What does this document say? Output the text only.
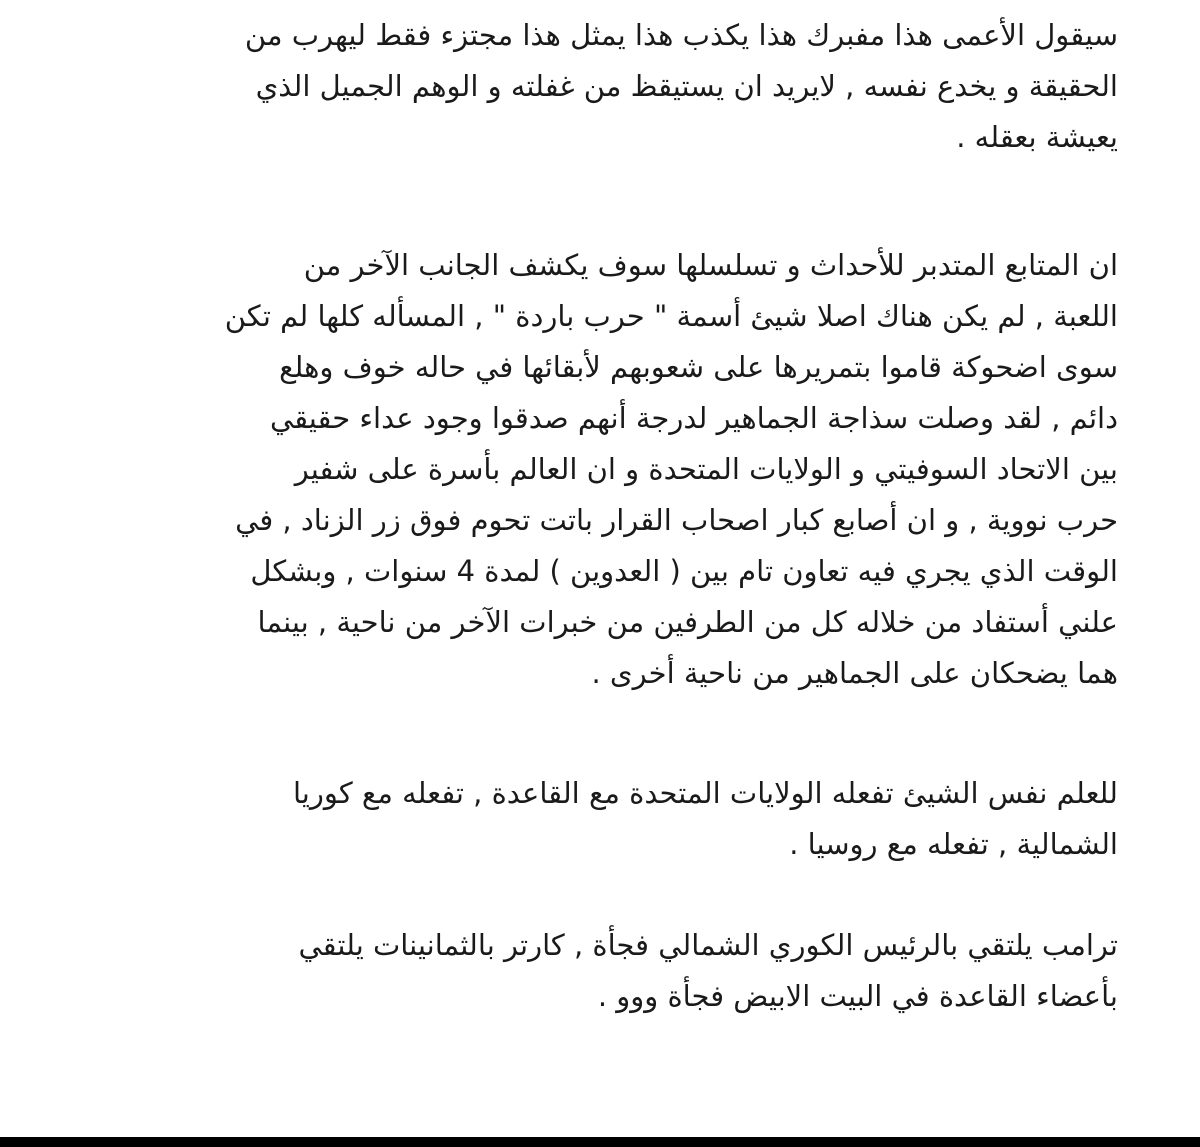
سيقول الأعمى هذا مفبرك هذا يكذب هذا يمثل هذا مجتزء فقط ليهرب من
الحقيقة و يخدع نفسه , لايريد ان يستيقظ من غفلته و الوهم الجميل الذي
يعيشة بعقله .
ان المتابع المتدبر للأحداث و تسلسلها سوف يكشف الجانب الآخر من
اللعبة , لم يكن هناك اصلا شيئ أسمة " حرب باردة " , المسأله كلها لم تكن
سوى اضحوكة قاموا بتمريرها على شعوبهم لأبقائها في حاله خوف وهلع
دائم , لقد وصلت سذاجة الجماهير لدرجة أنهم صدقوا وجود عداء حقيقي
بين الاتحاد السوفيتي و الولايات المتحدة و ان العالم بأسرة على شفير
حرب نووية , و ان أصابع كبار اصحاب القرار باتت تحوم فوق زر الزناد , في
الوقت الذي يجري فيه تعاون تام بين ( العدوين ) لمدة 4 سنوات , وبشكل
علني أستفاد من خلاله كل من الطرفين من خبرات الآخر من ناحية , بينما
هما يضحكان على الجماهير من ناحية أخرى .
للعلم نفس الشيئ تفعله الولايات المتحدة مع القاعدة , تفعله مع كوريا
الشمالية , تفعله مع روسيا .
ترامب يلتقي بالرئيس الكوري الشمالي فجأة , كارتر بالثمانينات يلتقي
بأعضاء القاعدة في البيت الابيض فجأة ووو .
